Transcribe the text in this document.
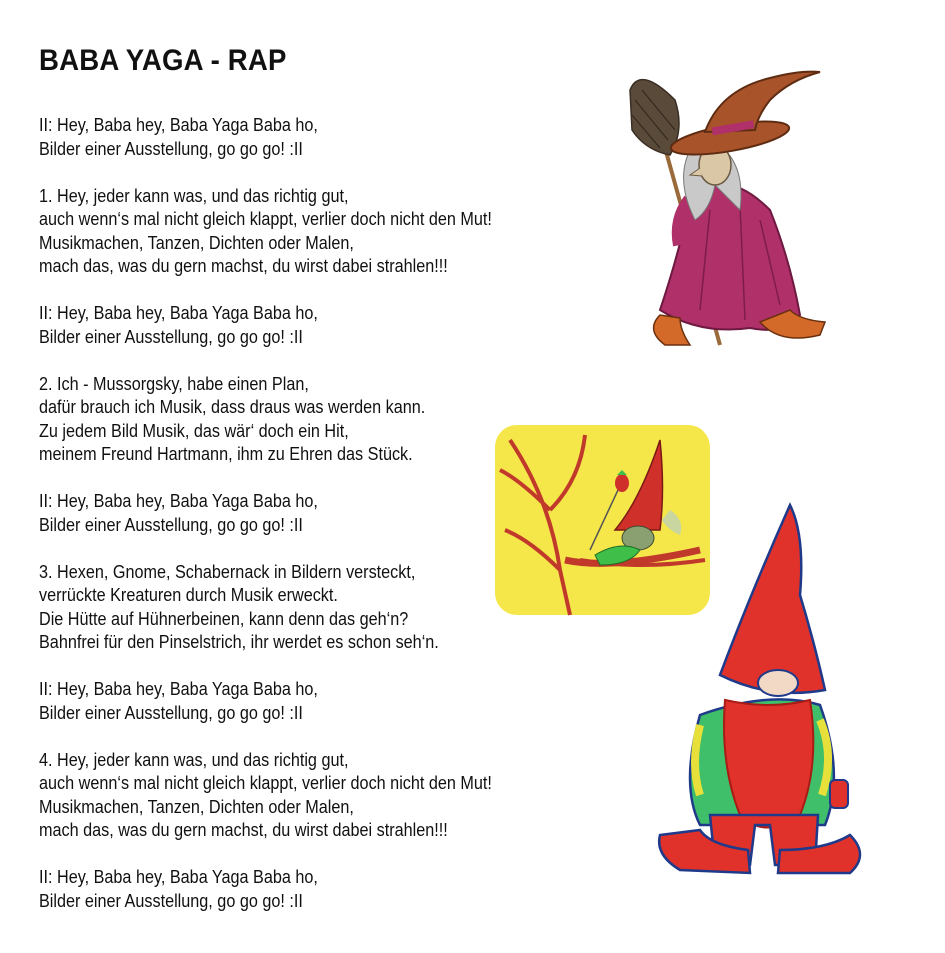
BABA YAGA - RAP

II: Hey, Baba hey, Baba Yaga Baba ho,
Bilder einer Ausstellung, go go go! :II

1. Hey, jeder kann was, und das richtig gut,
auch wenn‘s mal nicht gleich klappt, verlier doch nicht den Mut!
Musikmachen, Tanzen, Dichten oder Malen,
mach das, was du gern machst, du wirst dabei strahlen!!!

II: Hey, Baba hey, Baba Yaga Baba ho,
Bilder einer Ausstellung, go go go! :II

2. Ich - Mussorgsky, habe einen Plan,
dafür brauch ich Musik, dass draus was werden kann.
Zu jedem Bild Musik, das wär‘ doch ein Hit,
meinem Freund Hartmann, ihm zu Ehren das Stück.

II: Hey, Baba hey, Baba Yaga Baba ho,
Bilder einer Ausstellung, go go go! :II

3. Hexen, Gnome, Schabernack in Bildern versteckt,
verrückte Kreaturen durch Musik erweckt.
Die Hütte auf Hühnerbeinen, kann denn das geh‘n?
Bahnfrei für den Pinselstrich, ihr werdet es schon seh‘n.

II: Hey, Baba hey, Baba Yaga Baba ho,
Bilder einer Ausstellung, go go go! :II

4. Hey, jeder kann was, und das richtig gut,
auch wenn‘s mal nicht gleich klappt, verlier doch nicht den Mut!
Musikmachen, Tanzen, Dichten oder Malen,
mach das, was du gern machst, du wirst dabei strahlen!!!

II: Hey, Baba hey, Baba Yaga Baba ho,
Bilder einer Ausstellung, go go go! :II
